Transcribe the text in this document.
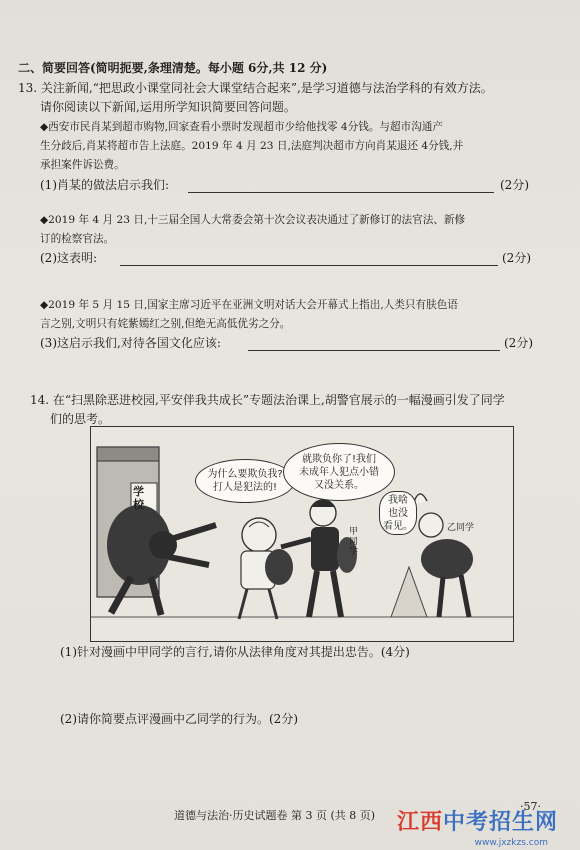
二、简要回答(简明扼要,条理清楚。每小题 6分,共 12 分)
13. 关注新闻,“把思政小课堂同社会大课堂结合起来”,是学习道德与法治学科的有效方法。
请你阅读以下新闻,运用所学知识简要回答问题。
◆西安市民肖某到超市购物,回家查看小票时发现超市少给他找零 4分钱。与超市沟通产
生分歧后,肖某将超市告上法庭。2019 年 4 月 23 日,法庭判决超市方向肖某退还 4分钱,并
承担案件诉讼费。
(1)肖某的做法启示我们:	(2分)
◆2019 年 4 月 23 日,十三届全国人大常委会第十次会议表决通过了新修订的法官法、新修
订的检察官法。
(2)这表明:	(2分)
◆2019 年 5 月 15 日,国家主席习近平在亚洲文明对话大会开幕式上指出,人类只有肤色语
言之别,文明只有姹紫嫣红之别,但绝无高低优劣之分。
(3)这启示我们,对待各国文化应该:	(2分)
14. 在“扫黑除恶进校园,平安伴我共成长”专题法治课上,胡警官展示的一幅漫画引发了同学
们的思考。
为什么要欺负我?
打人是犯法的!
就欺负你了!我们
未成年人犯点小错
又没关系。
我啥
也没
看见。
学校
甲同学
乙同学
(1)针对漫画中甲同学的言行,请你从法律角度对其提出忠告。(4分)
(2)请你简要点评漫画中乙同学的行为。(2分)
道德与法治·历史试题卷 第 3 页 (共 8 页)
·57·
江西中考招生网
www.jxzkzs.com
